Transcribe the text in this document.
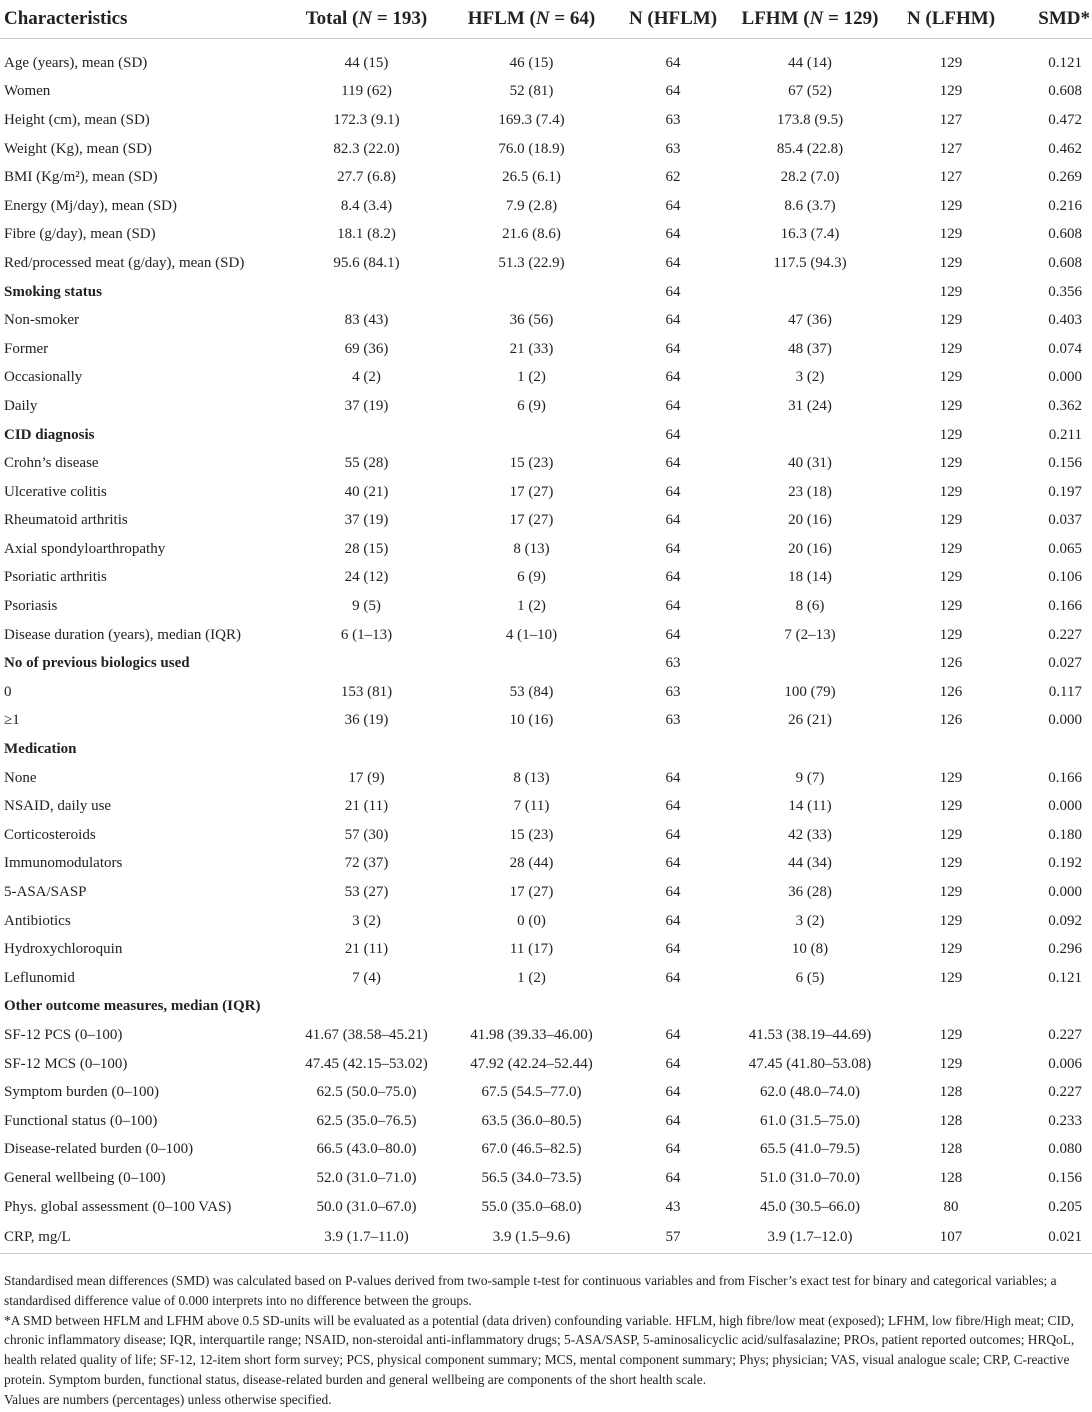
Characteristics	Total (N = 193)	HFLM (N = 64)	N (HFLM)	LFHM (N = 129)	N (LFHM)	SMD*

Age (years), mean (SD)	44 (15)	46 (15)	64	44 (14)	129	0.121
Women	119 (62)	52 (81)	64	67 (52)	129	0.608
Height (cm), mean (SD)	172.3 (9.1)	169.3 (7.4)	63	173.8 (9.5)	127	0.472
Weight (Kg), mean (SD)	82.3 (22.0)	76.0 (18.9)	63	85.4 (22.8)	127	0.462
BMI (Kg/m²), mean (SD)	27.7 (6.8)	26.5 (6.1)	62	28.2 (7.0)	127	0.269
Energy (Mj/day), mean (SD)	8.4 (3.4)	7.9 (2.8)	64	8.6 (3.7)	129	0.216
Fibre (g/day), mean (SD)	18.1 (8.2)	21.6 (8.6)	64	16.3 (7.4)	129	0.608
Red/processed meat (g/day), mean (SD)	95.6 (84.1)	51.3 (22.9)	64	117.5 (94.3)	129	0.608
Smoking status			64		129	0.356
Non-smoker	83 (43)	36 (56)	64	47 (36)	129	0.403
Former	69 (36)	21 (33)	64	48 (37)	129	0.074
Occasionally	4 (2)	1 (2)	64	3 (2)	129	0.000
Daily	37 (19)	6 (9)	64	31 (24)	129	0.362
CID diagnosis			64		129	0.211
Crohn’s disease	55 (28)	15 (23)	64	40 (31)	129	0.156
Ulcerative colitis	40 (21)	17 (27)	64	23 (18)	129	0.197
Rheumatoid arthritis	37 (19)	17 (27)	64	20 (16)	129	0.037
Axial spondyloarthropathy	28 (15)	8 (13)	64	20 (16)	129	0.065
Psoriatic arthritis	24 (12)	6 (9)	64	18 (14)	129	0.106
Psoriasis	9 (5)	1 (2)	64	8 (6)	129	0.166
Disease duration (years), median (IQR)	6 (1–13)	4 (1–10)	64	7 (2–13)	129	0.227
No of previous biologics used			63		126	0.027
0	153 (81)	53 (84)	63	100 (79)	126	0.117
≥1	36 (19)	10 (16)	63	26 (21)	126	0.000
Medication						
None	17 (9)	8 (13)	64	9 (7)	129	0.166
NSAID, daily use	21 (11)	7 (11)	64	14 (11)	129	0.000
Corticosteroids	57 (30)	15 (23)	64	42 (33)	129	0.180
Immunomodulators	72 (37)	28 (44)	64	44 (34)	129	0.192
5-ASA/SASP	53 (27)	17 (27)	64	36 (28)	129	0.000
Antibiotics	3 (2)	0 (0)	64	3 (2)	129	0.092
Hydroxychloroquin	21 (11)	11 (17)	64	10 (8)	129	0.296
Leflunomid	7 (4)	1 (2)	64	6 (5)	129	0.121
Other outcome measures, median (IQR)						
SF-12 PCS (0–100)	41.67 (38.58–45.21)	41.98 (39.33–46.00)	64	41.53 (38.19–44.69)	129	0.227
SF-12 MCS (0–100)	47.45 (42.15–53.02)	47.92 (42.24–52.44)	64	47.45 (41.80–53.08)	129	0.006
Symptom burden (0–100)	62.5 (50.0–75.0)	67.5 (54.5–77.0)	64	62.0 (48.0–74.0)	128	0.227
Functional status (0–100)	62.5 (35.0–76.5)	63.5 (36.0–80.5)	64	61.0 (31.5–75.0)	128	0.233
Disease-related burden (0–100)	66.5 (43.0–80.0)	67.0 (46.5–82.5)	64	65.5 (41.0–79.5)	128	0.080
General wellbeing (0–100)	52.0 (31.0–71.0)	56.5 (34.0–73.5)	64	51.0 (31.0–70.0)	128	0.156
Phys. global assessment (0–100 VAS)	50.0 (31.0–67.0)	55.0 (35.0–68.0)	43	45.0 (30.5–66.0)	80	0.205
CRP, mg/L	3.9 (1.7–11.0)	3.9 (1.5–9.6)	57	3.9 (1.7–12.0)	107	0.021

Standardised mean differences (SMD) was calculated based on P-values derived from two-sample t-test for continuous variables and from Fischer’s exact test for binary and categorical variables; a standardised difference value of 0.000 interprets into no difference between the groups.

*A SMD between HFLM and LFHM above 0.5 SD-units will be evaluated as a potential (data driven) confounding variable. HFLM, high fibre/low meat (exposed); LFHM, low fibre/High meat; CID, chronic inflammatory disease; IQR, interquartile range; NSAID, non-steroidal anti-inflammatory drugs; 5-ASA/SASP, 5-aminosalicyclic acid/sulfasalazine; PROs, patient reported outcomes; HRQoL, health related quality of life; SF-12, 12-item short form survey; PCS, physical component summary; MCS, mental component summary; Phys; physician; VAS, visual analogue scale; CRP, C-reactive protein. Symptom burden, functional status, disease-related burden and general wellbeing are components of the short health scale.

Values are numbers (percentages) unless otherwise specified.
